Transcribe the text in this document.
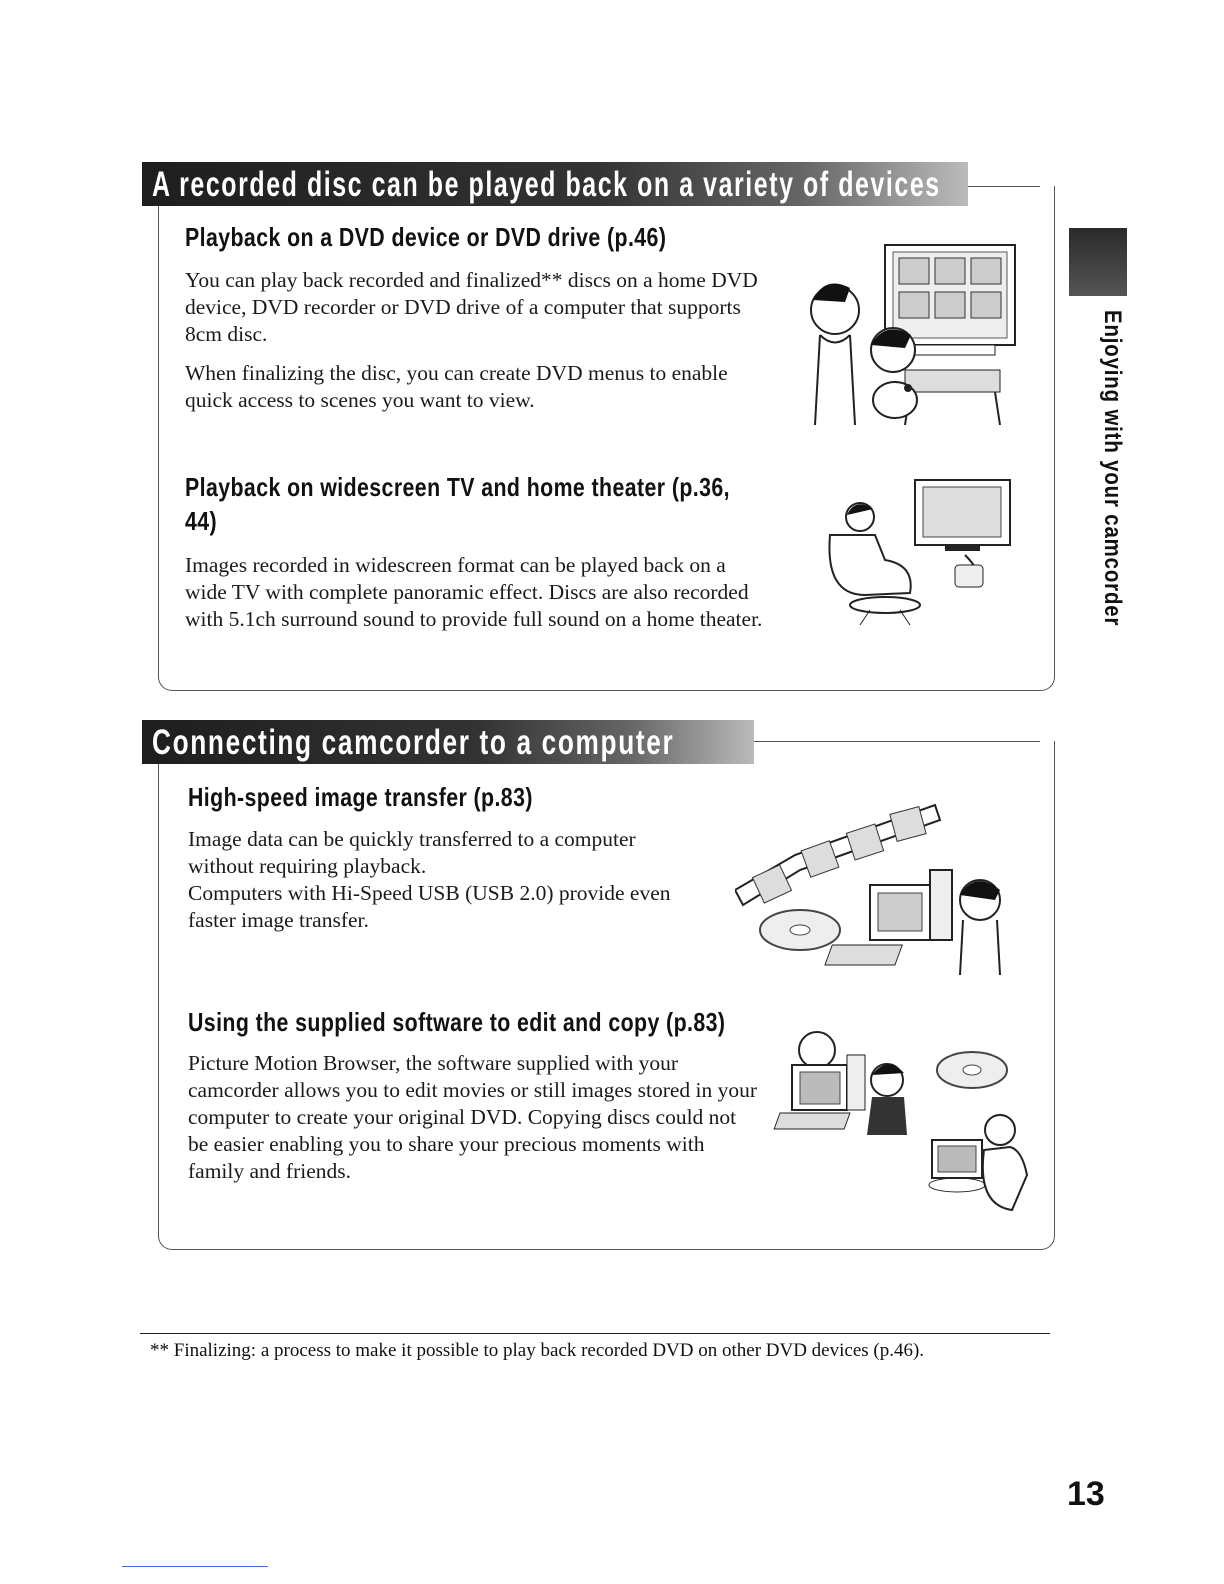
A recorded disc can be played back on a variety of devices
Playback on a DVD device or DVD drive (p.46)

You can play back recorded and finalized** discs on a home DVD device, DVD recorder or DVD drive of a computer that supports 8cm disc.

When finalizing the disc, you can create DVD menus to enable quick access to scenes you want to view.

Playback on widescreen TV and home theater (p.36,
44)

Images recorded in widescreen format can be played back on a wide TV with complete panoramic effect. Discs are also recorded with 5.1ch surround sound to provide full sound on a home theater.

Connecting camcorder to a computer
High-speed image transfer (p.83)

Image data can be quickly transferred to a computer without requiring playback.

Computers with Hi-Speed USB (USB 2.0) provide even faster image transfer.

Using the supplied software to edit and copy (p.83)

Picture Motion Browser, the software supplied with your camcorder allows you to edit movies or still images stored in your computer to create your original DVD. Copying discs could not be easier enabling you to share your precious moments with family and friends.

Enjoying with your camcorder

** Finalizing: a process to make it possible to play back recorded DVD on other DVD devices (p.46).

13
